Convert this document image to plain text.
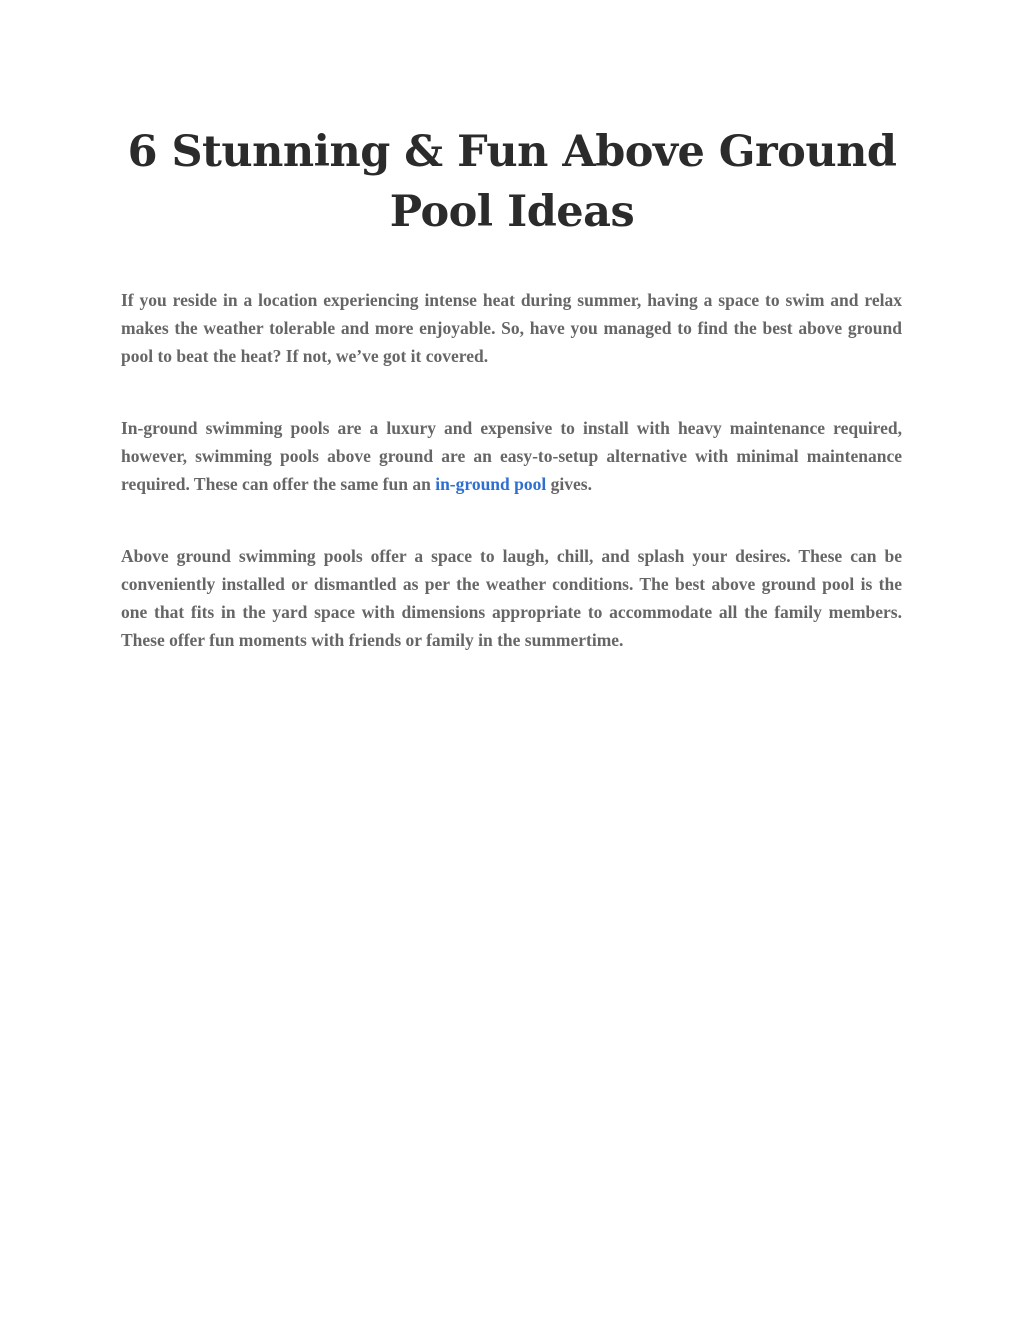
6 Stunning & Fun Above Ground Pool Ideas

If you reside in a location experiencing intense heat during summer, having a space to swim and relax makes the weather tolerable and more enjoyable. So, have you managed to find the best above ground pool to beat the heat? If not, we’ve got it covered.

In-ground swimming pools are a luxury and expensive to install with heavy maintenance required, however, swimming pools above ground are an easy-to-setup alternative with minimal maintenance required. These can offer the same fun an in-ground pool gives.

Above ground swimming pools offer a space to laugh, chill, and splash your desires. These can be conveniently installed or dismantled as per the weather conditions. The best above ground pool is the one that fits in the yard space with dimensions appropriate to accommodate all the family members. These offer fun moments with friends or family in the summertime.
